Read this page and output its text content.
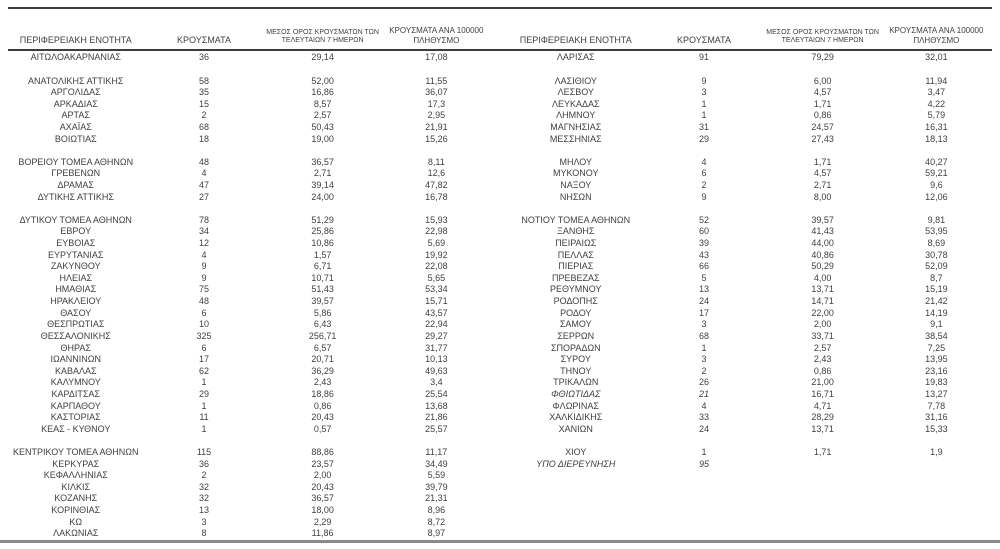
ΠΕΡΙΦΕΡΕΙΑΚΗ ΕΝΟΤΗΤΑ	ΚΡΟΥΣΜΑΤΑ
ΜΕΣΟΣ ΟΡΟΣ ΚΡΟΥΣΜΑΤΩΝ ΤΩΝ
ΤΕΛΕΥΤΑΙΩΝ 7 ΗΜΕΡΩΝ
ΚΡΟΥΣΜΑΤΑ ΑΝΑ 100000
ΠΛΗΘΥΣΜΟ
ΑΙΤΩΛΟΑΚΑΡΝΑΝΙΑΣ	36	29,14	17,08
ΑΝΑΤΟΛΙΚΗΣ ΑΤΤΙΚΗΣ	58	52,00	11,55
ΑΡΓΟΛΙΔΑΣ	35	16,86	36,07
ΑΡΚΑΔΙΑΣ	15	8,57	17,3
ΑΡΤΑΣ	2	2,57	2,95
ΑΧΑΪΑΣ	68	50,43	21,91
ΒΟΙΩΤΙΑΣ	18	19,00	15,26
ΒΟΡΕΙΟΥ ΤΟΜΕΑ ΑΘΗΝΩΝ	48	36,57	8,11
ΓΡΕΒΕΝΩΝ	4	2,71	12,6
ΔΡΑΜΑΣ	47	39,14	47,82
ΔΥΤΙΚΗΣ ΑΤΤΙΚΗΣ	27	24,00	16,78
ΔΥΤΙΚΟΥ ΤΟΜΕΑ ΑΘΗΝΩΝ	78	51,29	15,93
ΕΒΡΟΥ	34	25,86	22,98
ΕΥΒΟΙΑΣ	12	10,86	5,69
ΕΥΡΥΤΑΝΙΑΣ	4	1,57	19,92
ΖΑΚΥΝΘΟΥ	9	6,71	22,08
ΗΛΕΙΑΣ	9	10,71	5,65
ΗΜΑΘΙΑΣ	75	51,43	53,34
ΗΡΑΚΛΕΙΟΥ	48	39,57	15,71
ΘΑΣΟΥ	6	5,86	43,57
ΘΕΣΠΡΩΤΙΑΣ	10	6,43	22,94
ΘΕΣΣΑΛΟΝΙΚΗΣ	325	256,71	29,27
ΘΗΡΑΣ	6	6,57	31,77
ΙΩΑΝΝΙΝΩΝ	17	20,71	10,13
ΚΑΒΑΛΑΣ	62	36,29	49,63
ΚΑΛΥΜΝΟΥ	1	2,43	3,4
ΚΑΡΔΙΤΣΑΣ	29	18,86	25,54
ΚΑΡΠΑΘΟΥ	1	0,86	13,68
ΚΑΣΤΟΡΙΑΣ	11	20,43	21,86
ΚΕΑΣ - ΚΥΘΝΟΥ	1	0,57	25,57
ΚΕΝΤΡΙΚΟΥ ΤΟΜΕΑ ΑΘΗΝΩΝ	115	88,86	11,17
ΚΕΡΚΥΡΑΣ	36	23,57	34,49
ΚΕΦΑΛΛΗΝΙΑΣ	2	2,00	5,59
ΚΙΛΚΙΣ	32	20,43	39,79
ΚΟΖΑΝΗΣ	32	36,57	21,31
ΚΟΡΙΝΘΙΑΣ	13	18,00	8,96
ΚΩ	3	2,29	8,72
ΛΑΚΩΝΙΑΣ	8	11,86	8,97
ΠΕΡΙΦΕΡΕΙΑΚΗ ΕΝΟΤΗΤΑ	ΚΡΟΥΣΜΑΤΑ
ΜΕΣΟΣ ΟΡΟΣ ΚΡΟΥΣΜΑΤΩΝ ΤΩΝ
ΤΕΛΕΥΤΑΙΩΝ 7 ΗΜΕΡΩΝ
ΚΡΟΥΣΜΑΤΑ ΑΝΑ 100000
ΠΛΗΘΥΣΜΟ
ΛΑΡΙΣΑΣ	91	79,29	32,01
ΛΑΣΙΘΙΟΥ	9	6,00	11,94
ΛΕΣΒΟΥ	3	4,57	3,47
ΛΕΥΚΑΔΑΣ	1	1,71	4,22
ΛΗΜΝΟΥ	1	0,86	5,79
ΜΑΓΝΗΣΙΑΣ	31	24,57	16,31
ΜΕΣΣΗΝΙΑΣ	29	27,43	18,13
ΜΗΛΟΥ	4	1,71	40,27
ΜΥΚΟΝΟΥ	6	4,57	59,21
ΝΑΞΟΥ	2	2,71	9,6
ΝΗΣΩΝ	9	8,00	12,06
ΝΟΤΙΟΥ ΤΟΜΕΑ ΑΘΗΝΩΝ	52	39,57	9,81
ΞΑΝΘΗΣ	60	41,43	53,95
ΠΕΙΡΑΙΩΣ	39	44,00	8,69
ΠΕΛΛΑΣ	43	40,86	30,78
ΠΙΕΡΙΑΣ	66	50,29	52,09
ΠΡΕΒΕΖΑΣ	5	4,00	8,7
ΡΕΘΥΜΝΟΥ	13	13,71	15,19
ΡΟΔΟΠΗΣ	24	14,71	21,42
ΡΟΔΟΥ	17	22,00	14,19
ΣΑΜΟΥ	3	2,00	9,1
ΣΕΡΡΩΝ	68	33,71	38,54
ΣΠΟΡΑΔΩΝ	1	2,57	7,25
ΣΥΡΟΥ	3	2,43	13,95
ΤΗΝΟΥ	2	0,86	23,16
ΤΡΙΚΑΛΩΝ	26	21,00	19,83
ΦΘΙΩΤΙΔΑΣ	21	16,71	13,27
ΦΛΩΡΙΝΑΣ	4	4,71	7,78
ΧΑΛΚΙΔΙΚΗΣ	33	28,29	31,16
ΧΑΝΙΩΝ	24	13,71	15,33
ΧΙΟΥ	1	1,71	1,9
ΥΠΟ ΔΙΕΡΕΥΝΗΣΗ	95
